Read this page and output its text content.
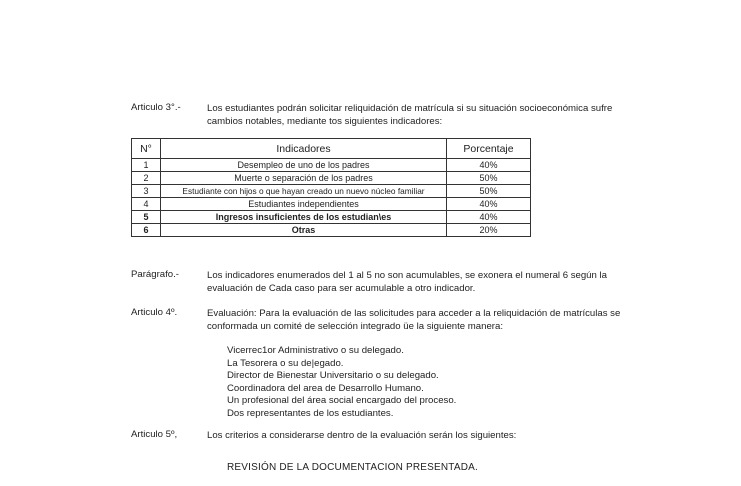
Articulo 3°.-	Los estudiantes podrán solicitar reliquidación de matrícula si su situación socioeconómica sufre
cambios notables, mediante tos siguientes indicadores:
N°	Indicadores	Porcentaje
1	Desempleo de uno de los padres	40%
2	Muerte o separación de los padres	50%
3	Estudiante con hijos o que hayan creado un nuevo núcleo familiar	50%
4	Estudiantes independientes	40%
5	Ingresos insuficientes de los estudian\es	40%
6	Otras	20%
Parágrafo.-	Los indicadores enumerados del 1 al 5 no son acumulables, se exonera el numeral 6 según la
evaluación de Cada caso para ser acumulable a otro indicador.
Articulo 4º.	Evaluación: Para la evaluación de las solicitudes para acceder a la reliquidación de matrículas se
conformada un comité de selección integrado üe la siguiente manera:
Vicerrec1or Administrativo o su delegado.
La Tesorera o su de|egado.
Director de Bienestar Universitario o su delegado.
Coordinadora del area de Desarrollo Humano.
Un profesional del área social encargado del proceso.
Dos representantes de los estudiantes.
Articulo 5º,	Los criterios a considerarse dentro de la evaluación serán los siguientes:
REVISIÓN DE LA DOCUMENTACION PRESENTADA.
